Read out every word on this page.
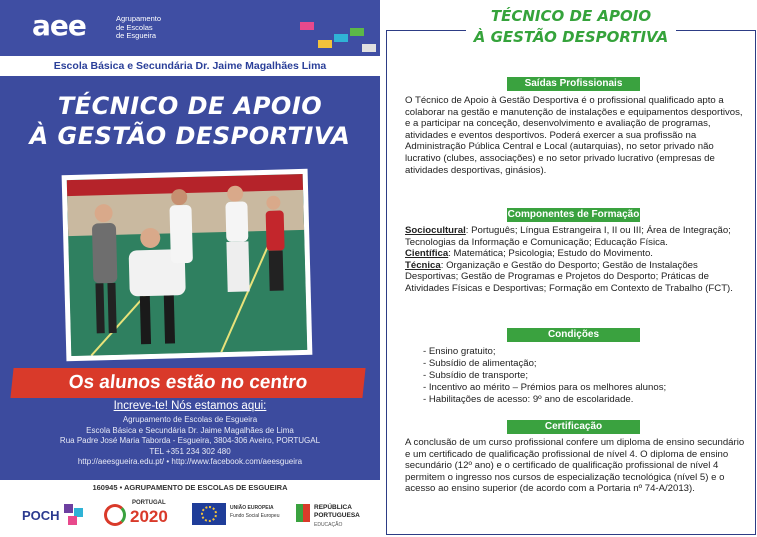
aee	Agrupamento
de Escolas
de Esgueira
Escola Básica e Secundária Dr. Jaime Magalhães Lima
TÉCNICO DE APOIO
À GESTÃO DESPORTIVA
Os alunos estão no centro
Increve-te! Nós estamos aqui:
Agrupamento de Escolas de Esgueira
Escola Básica e Secundária Dr. Jaime Magalhães de Lima
Rua Padre José Maria Taborda - Esgueira, 3804-306 Aveiro, PORTUGAL
TEL +351 234 302 480
http://aeesgueira.edu.pt/ • http://www.facebook.com/aeesgueira
160945 • AGRUPAMENTO DE ESCOLAS DE ESGUEIRA
POCH
PORTUGAL
2020	UNIÃO EUROPEIA
Fundo Social Europeu
REPÚBLICA
PORTUGUESA
EDUCAÇÃO
Saídas Profissionais
O Técnico de Apoio à Gestão Desportiva é o profissional qualificado apto a colaborar na gestão e manutenção de instalações e equipamentos desportivos, e a participar na conceção, desenvolvimento e avaliação de programas, atividades e eventos desportivos. Poderá exercer a sua profissão na Administração Pública Central e Local (autarquias), no setor privado não lucrativo (clubes, associações) e no setor privado lucrativo (empresas de atividades desportivas, ginásios).
Componentes de Formação
Sociocultural: Português; Língua Estrangeira I, II ou III; Área de Integração; Tecnologias da Informação e Comunicação; Educação Física.
Científica: Matemática; Psicologia; Estudo do Movimento.
Técnica: Organização e Gestão do Desporto; Gestão de Instalações Desportivas; Gestão de Programas e Projetos do Desporto; Práticas de Atividades Físicas e Desportivas; Formação em Contexto de Trabalho (FCT).
Condições
- Ensino gratuito;
- Subsídio de alimentação;
- Subsídio de transporte;
- Incentivo ao mérito – Prémios para os melhores alunos;
- Habilitações de acesso: 9º ano de escolaridade.
Certificação
A conclusão de um curso profissional confere um diploma de ensino secundário e um certificado de qualificação profissional de nível 4. O diploma de ensino secundário (12º ano) e o certificado de qualificação profissional de nível 4 permitem o ingresso nos cursos de especialização tecnológica (nível 5) e o acesso ao ensino superior (de acordo com a Portaria nº 74-A/2013).
TÉCNICO DE APOIO
À GESTÃO DESPORTIVA
